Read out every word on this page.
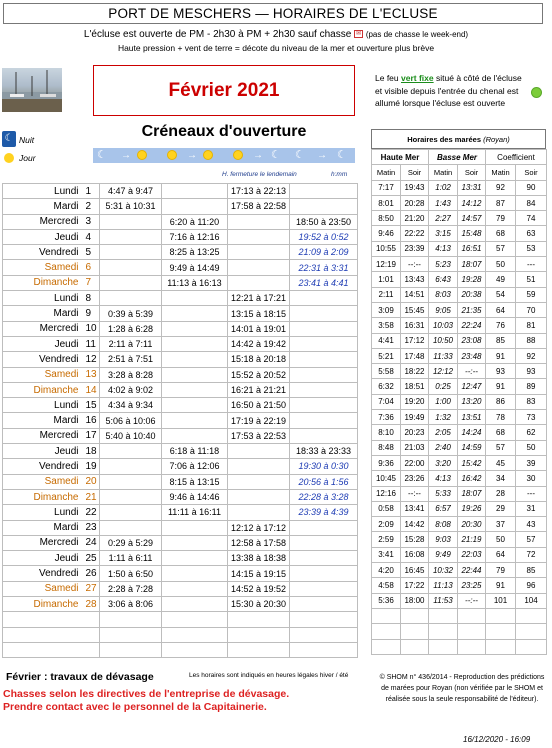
PORT DE MESCHERS — HORAIRES DE L'ECLUSE
L'écluse est ouverte de PM - 2h30 à PM + 2h30 sauf chasse ✉ (pas de chasse le week-end)
Haute pression + vent de terre = décote du niveau de la mer et ouverture plus brève
Février 2021
Le feu vert fixe situé à côté de l'écluse et visible depuis l'entrée du chenal est allumé lorsque l'écluse est ouverte
☾ Nuit
Jour
Créneaux d'ouverture
☾ →	→	→ ☾ ☾ → ☾
H. fermeture le lendemain	h:mm
Lundi	1	4:47 à 9:47		17:13 à 22:13	
Mardi	2	5:31 à 10:31		17:58 à 22:58	
Mercredi	3		6:20 à 11:20		18:50 à 23:50
Jeudi	4		7:16 à 12:16		19:52 à 0:52
Vendredi	5		8:25 à 13:25		21:09 à 2:09
◆ Samedi	6		9:49 à 14:49		22:31 à 3:31
◆ Dimanche	7		11:13 à 16:13		23:41 à 4:41
Lundi	8			12:21 à 17:21	
Mardi	9	0:39 à 5:39		13:15 à 18:15	
Mercredi	10	1:28 à 6:28		14:01 à 19:01	
Jeudi	11	2:11 à 7:11		14:42 à 19:42	
Vendredi	12	2:51 à 7:51		15:18 à 20:18	
◆ Samedi	13	3:28 à 8:28		15:52 à 20:52	
◆ Dimanche	14	4:02 à 9:02		16:21 à 21:21	
Lundi	15	4:34 à 9:34		16:50 à 21:50	
Mardi	16	5:06 à 10:06		17:19 à 22:19	
Mercredi	17	5:40 à 10:40		17:53 à 22:53	
Jeudi	18		6:18 à 11:18		18:33 à 23:33
Vendredi	19		7:06 à 12:06		19:30 à 0:30
◆ Samedi	20		8:15 à 13:15		20:56 à 1:56
◆ Dimanche	21		9:46 à 14:46		22:28 à 3:28
Lundi	22		11:11 à 16:11		23:39 à 4:39
Mardi	23			12:12 à 17:12	
Mercredi	24	0:29 à 5:29		12:58 à 17:58	
Jeudi	25	1:11 à 6:11		13:38 à 18:38	
Vendredi	26	1:50 à 6:50		14:15 à 19:15	
◆ Samedi	27	2:28 à 7:28		14:52 à 19:52	
◆ Dimanche	28	3:06 à 8:06		15:30 à 20:30	

Horaires des marées (Royan)
Haute Mer		Basse Mer		Coefficient	
Matin	Soir	Matin	Soir	Matin	Soir
7:17	19:43	1:02	13:31	92	90
8:01	20:28	1:43	14:12	87	84
8:50	21:20	2:27	14:57	79	74
9:46	22:22	3:15	15:48	68	63
10:55	23:39	4:13	16:51	57	53
12:19	--:--	5:23	18:07	50	---
1:01	13:43	6:43	19:28	49	51
2:11	14:51	8:03	20:38	54	59
3:09	15:45	9:05	21:35	64	70
3:58	16:31	10:03	22:24	76	81
4:41	17:12	10:50	23:08	85	88
5:21	17:48	11:33	23:48	91	92
5:58	18:22	12:12	--:--	93	93
6:32	18:51	0:25	12:47	91	89
7:04	19:20	1:00	13:20	86	83
7:36	19:49	1:32	13:51	78	73
8:10	20:23	2:05	14:24	68	62
8:48	21:03	2:40	14:59	57	50
9:36	22:00	3:20	15:42	45	39
10:45	23:26	4:13	16:42	34	30
12:16	--:--	5:33	18:07	28	---
0:58	13:41	6:57	19:26	29	31
2:09	14:42	8:08	20:30	37	43
2:59	15:28	9:03	21:19	50	57
3:41	16:08	9:49	22:03	64	72
4:20	16:45	10:32	22:44	79	85
4:58	17:22	11:13	23:25	91	96
5:36	18:00	11:53	--:--	101	104

Février : travaux de dévasage	Les horaires sont indiqués en heures légales hiver / été
Chasses selon les directives de l'entreprise de dévasage.
Prendre contact avec le personnel de la Capitainerie.
© SHOM n° 436/2014 - Reproduction des prédictions de marées pour Royan (non vérifiée par le SHOM et réalisée sous la seule responsabilité de l'éditeur).
16/12/2020 - 16:09
